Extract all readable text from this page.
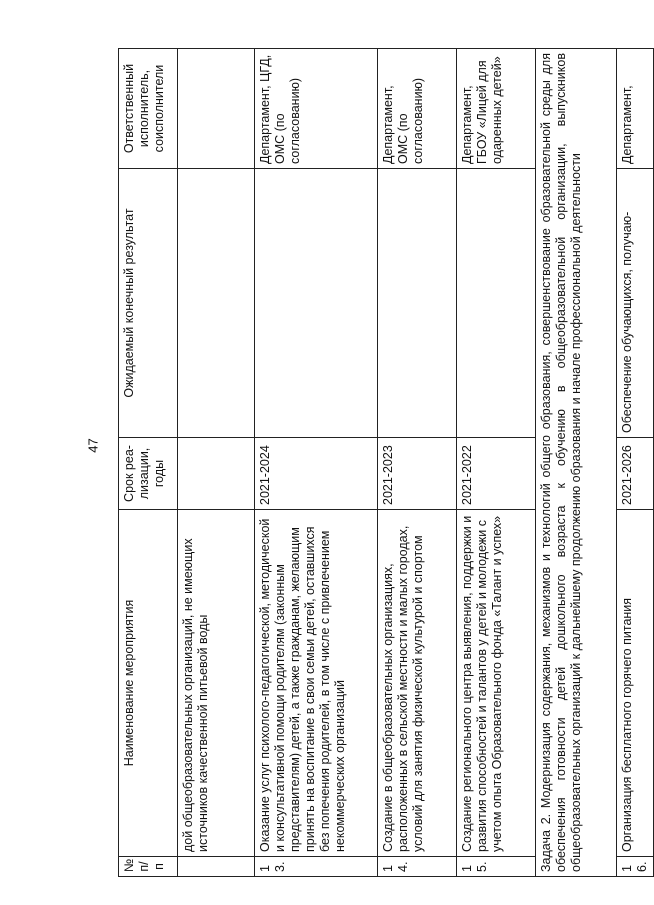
47
№ п/п	Наименование мероприятия	Срок реа-лизации, годы	Ожидаемый конечный результат	Ответственный исполнитель, соисполнители
	дой общеобразовательных организаций, не имеющих источников качественной питьевой воды			
13.	Оказание услуг психолого-педагогической, методической и консультативной помощи родителям (законным представителям) детей, а также гражданам, желающим принять на воспитание в свои семьи детей, оставшихся без попечения родителей, в том числе с привлечением некоммерческих организаций	2021-2024		Департамент, ЦГД, ОМС (по согласованию)
14.	Создание в общеобразовательных организациях, расположенных в сельской местности и малых городах, условий для занятия физической культурой и спортом	2021-2023		Департамент, ОМС (по согласованию)
15.	Создание регионального центра выявления, поддержки и развития способностей и талантов у детей и молодежи с учетом опыта Образовательного фонда «Талант и успех»	2021-2022		Департамент, ГБОУ «Лицей для одаренных детей»
Задача 2. Модернизация содержания, механизмов и технологий общего образования, совершенствование образовательной среды для обеспечения готовности детей дошкольного возраста к обучению в общеобразовательной организации, выпускников общеобразовательных организаций к дальнейшему продолжению образования и начале профессиональной деятельности				
16.	Организация бесплатного горячего питания	2021-2026	Обеспечение обучающихся, получаю-	Департамент,
